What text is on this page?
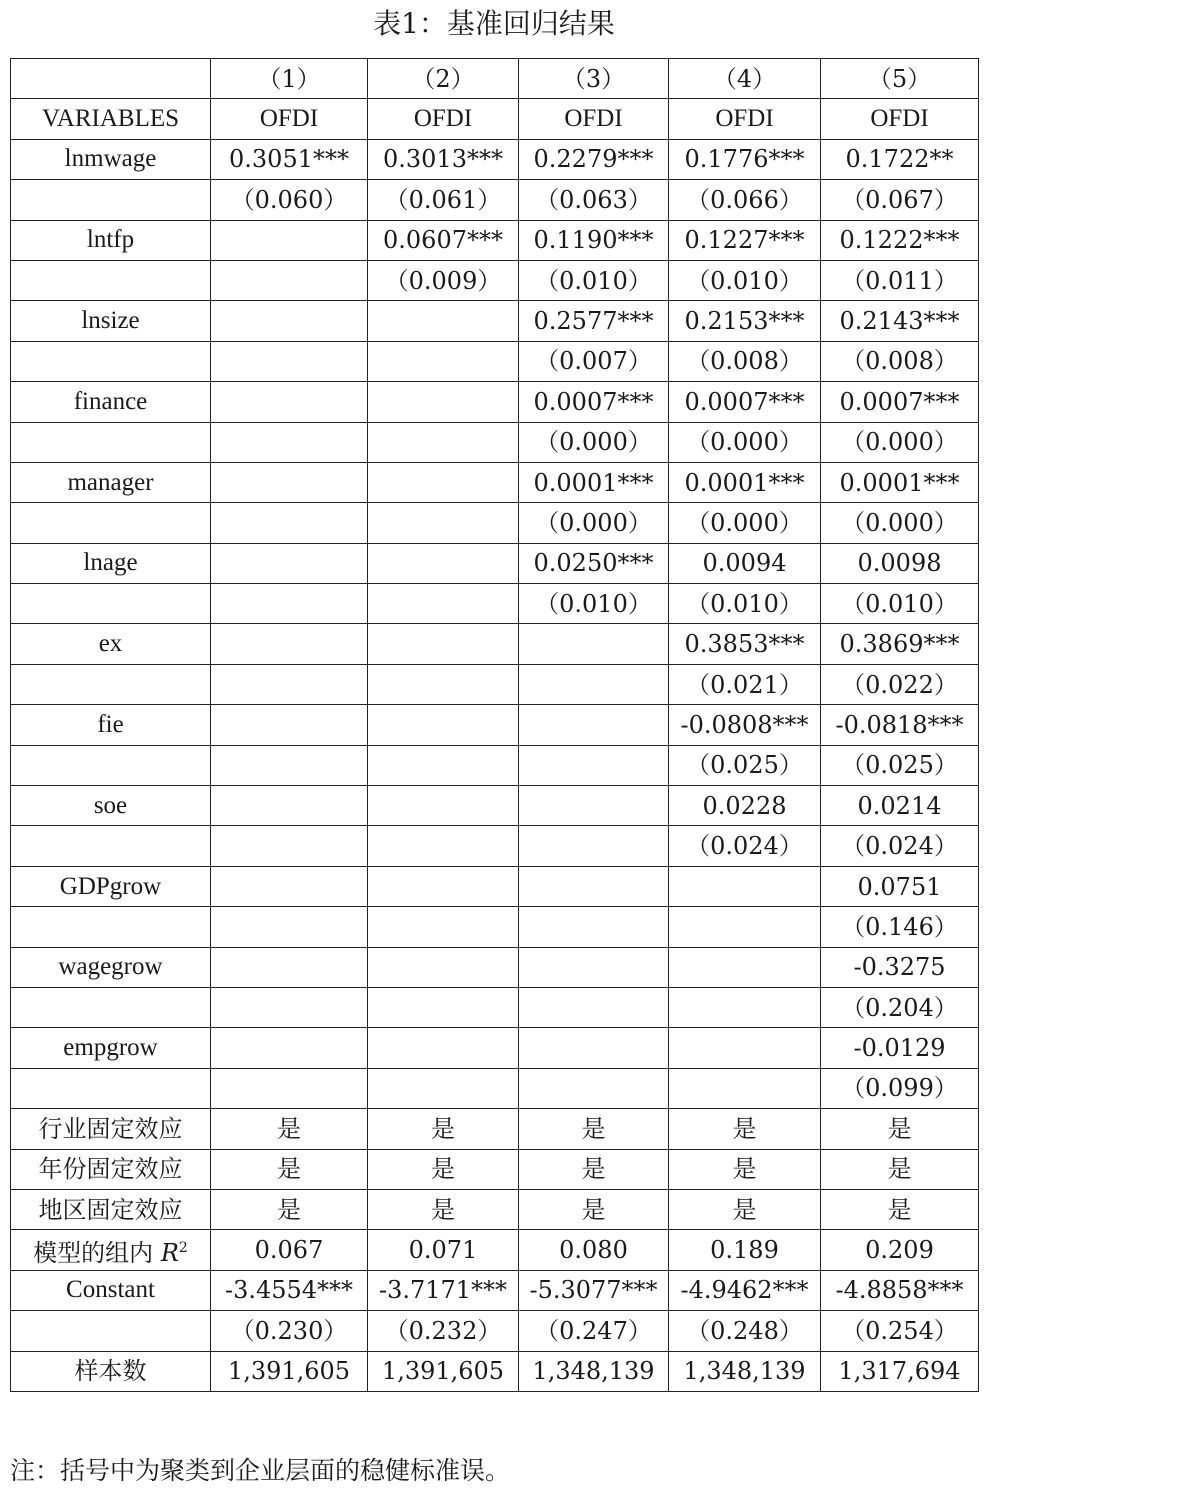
表1：基准回归结果
	（1）	（2）	（3）	（4）	（5）
VARIABLES	OFDI	OFDI	OFDI	OFDI	OFDI
lnmwage	0.3051***	0.3013***	0.2279***	0.1776***	0.1722**
	（0.060）	（0.061）	（0.063）	（0.066）	（0.067）
lntfp		0.0607***	0.1190***	0.1227***	0.1222***
		（0.009）	（0.010）	（0.010）	（0.011）
lnsize			0.2577***	0.2153***	0.2143***
			（0.007）	（0.008）	（0.008）
finance			0.0007***	0.0007***	0.0007***
			（0.000）	（0.000）	（0.000）
manager			0.0001***	0.0001***	0.0001***
			（0.000）	（0.000）	（0.000）
lnage			0.0250***	0.0094	0.0098
			（0.010）	（0.010）	（0.010）
ex				0.3853***	0.3869***
				（0.021）	（0.022）
fie				-0.0808***	-0.0818***
				（0.025）	（0.025）
soe				0.0228	0.0214
				（0.024）	（0.024）
GDPgrow					0.0751
					（0.146）
wagegrow					-0.3275
					（0.204）
empgrow					-0.0129
					（0.099）
行业固定效应	是	是	是	是	是
年份固定效应	是	是	是	是	是
地区固定效应	是	是	是	是	是
模型的组内 $R^2$	0.067	0.071	0.080	0.189	0.209
Constant	-3.4554***	-3.7171***	-5.3077***	-4.9462***	-4.8858***
	（0.230）	（0.232）	（0.247）	（0.248）	（0.254）
样本数	1,391,605	1,391,605	1,348,139	1,348,139	1,317,694
注：括号中为聚类到企业层面的稳健标准误。
